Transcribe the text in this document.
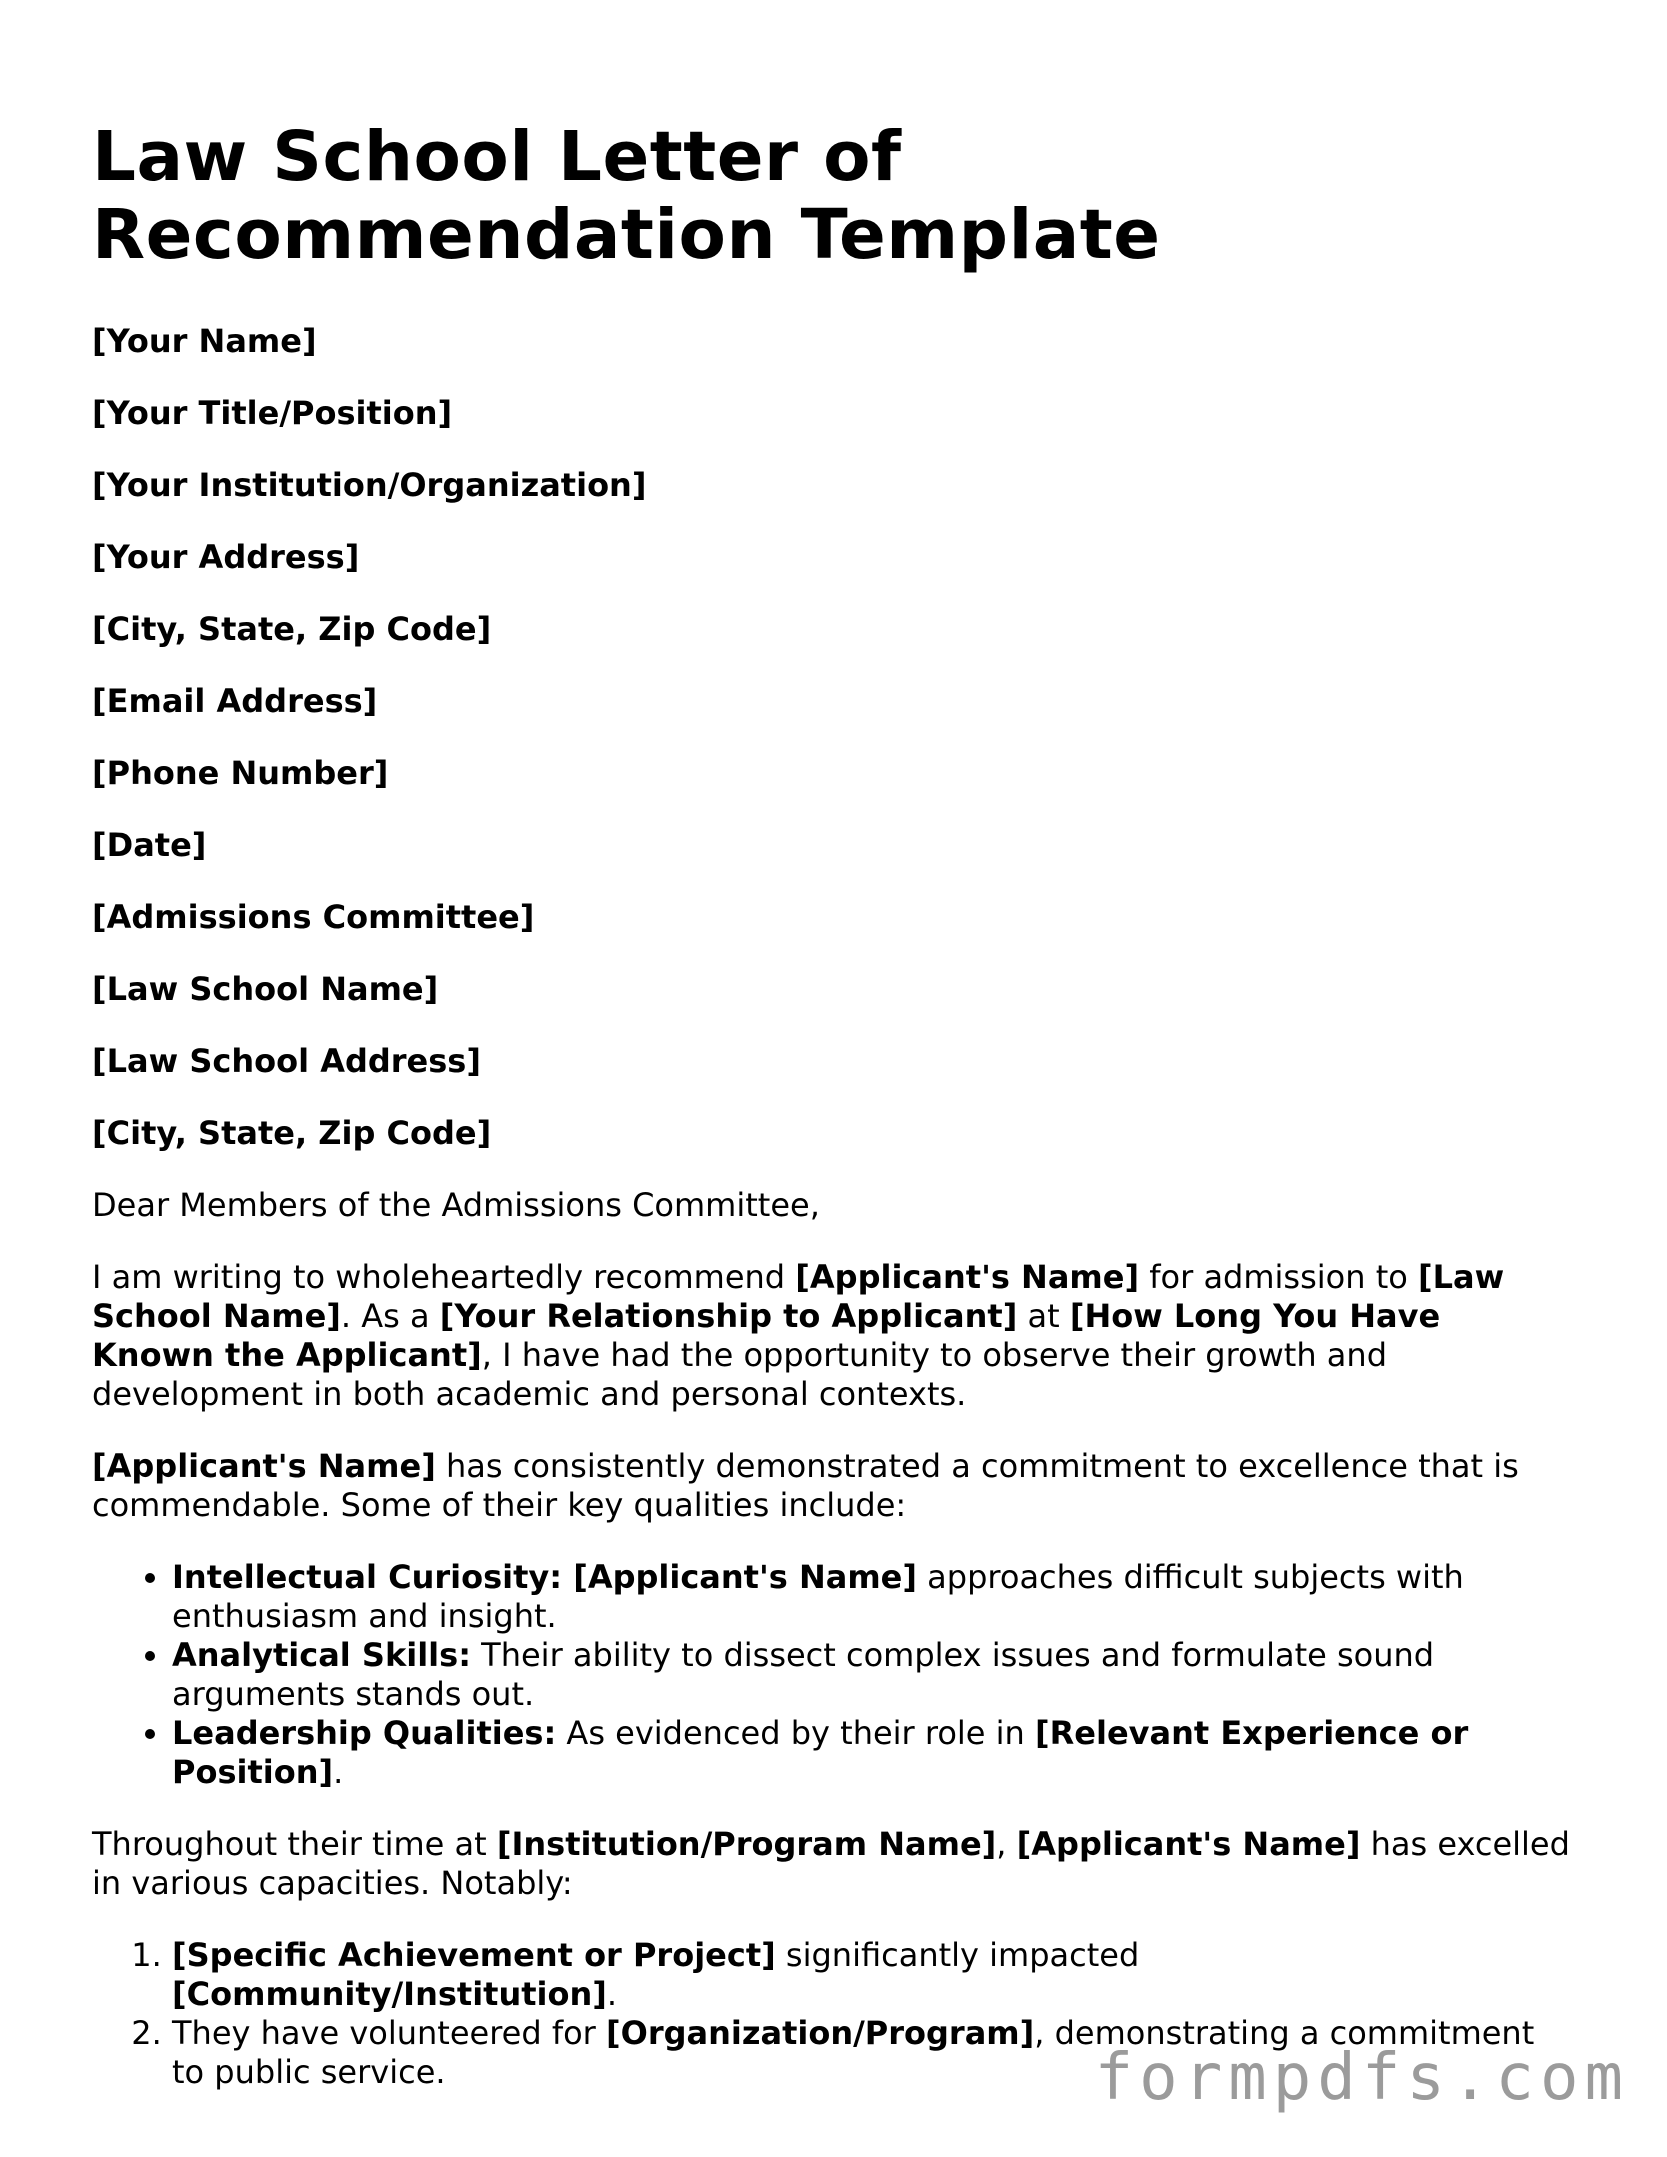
Law School Letter of Recommendation Template
[Your Name]
[Your Title/Position]
[Your Institution/Organization]
[Your Address]
[City, State, Zip Code]
[Email Address]
[Phone Number]
[Date]
[Admissions Committee]
[Law School Name]
[Law School Address]
[City, State, Zip Code]

Dear Members of the Admissions Committee,

I am writing to wholeheartedly recommend [Applicant's Name] for admission to [Law School Name]. As a [Your Relationship to Applicant] at [How Long You Have Known the Applicant], I have had the opportunity to observe their growth and development in both academic and personal contexts.

[Applicant's Name] has consistently demonstrated a commitment to excellence that is commendable. Some of their key qualities include:

• Intellectual Curiosity: [Applicant's Name] approaches difficult subjects with enthusiasm and insight.
• Analytical Skills: Their ability to dissect complex issues and formulate sound arguments stands out.
• Leadership Qualities: As evidenced by their role in [Relevant Experience or Position].

Throughout their time at [Institution/Program Name], [Applicant's Name] has excelled in various capacities. Notably:

1. [Specific Achievement or Project] significantly impacted [Community/Institution].
2. They have volunteered for [Organization/Program], demonstrating a commitment to public service.	formpdfs.com
